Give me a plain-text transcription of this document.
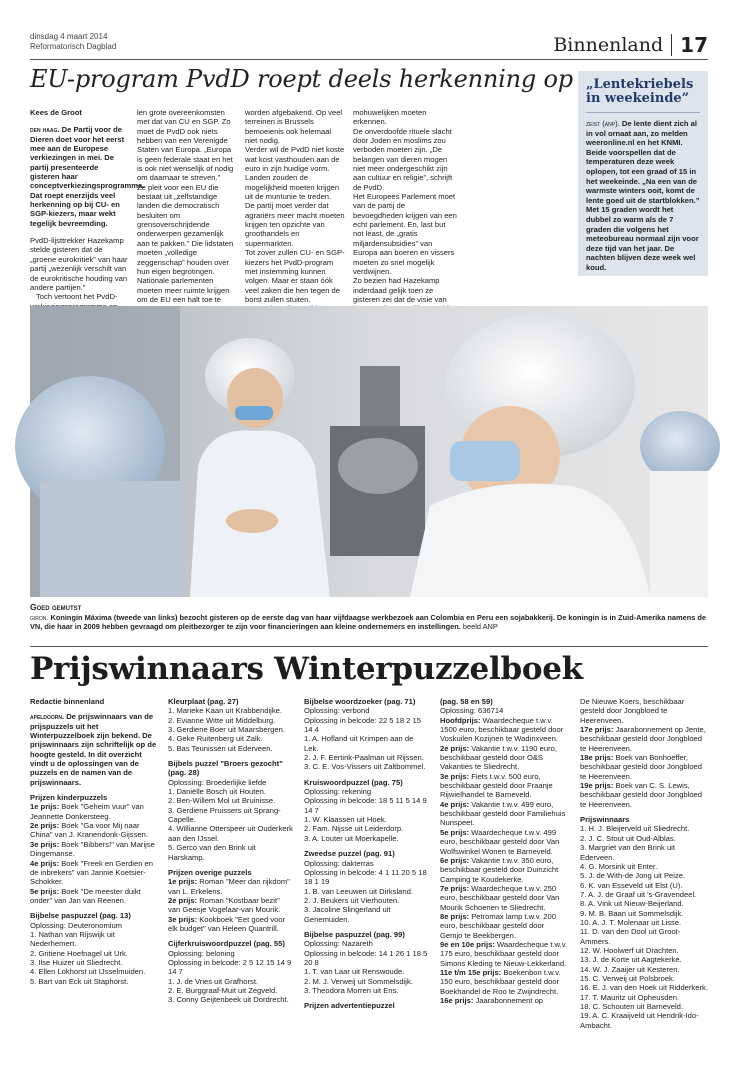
dinsdag 4 maart 2014
Reformatorisch Dagblad	Binnenland 17
EU-program PvdD roept deels herkenning op

Kees de Groot

den haag. De Partij voor de Dieren doet voor het eerst mee aan de Europese verkiezingen in mei. De partij presenteerde gisteren haar conceptverkiezingsprogramma. Dat roept enerzijds veel herkenning op bij CU- en SGP-kiezers, maar wekt tegelijk bevreemding.

PvdD-lijsttrekker Hazekamp stelde gisteren dat de „groene eurokritiek” van haar partij „wezenlijk verschilt van de eurokritische houding van andere partijen.”

Toch vertoont het PvdD-

len grote overeenkomsten met dat van CU en SGP. Zo moet de PvdD ook niets hebben van een Verenigde Staten van Europa. „Europa is geen federale staat en het is ook niet wenselijk of nodig om daarnaar te streven.”
Ze pleit voor een EU die bestaat uit „zelfstandige landen die democratisch besluiten om grensoverschrijdende onderwerpen gezamenlijk aan te pakken.” Die lidstaten moeten „volledige zeggenschap” houden over hun eigen begrotingen. Nationale parlementen moeten meer ruimte krijgen om de EU een halt toe te

worden afgebakend. Op veel terreinen is Brussels bemoeienis ook helemaal niet nodig.
Verder wil de PvdD niet koste wat kost vasthouden aan de euro in zijn huidige vorm. Landen zouden de mogelijkheid moeten krijgen uit de muntunie te treden.
De partij moet verder dat agrariërs meer macht moeten krijgen ten opzichte van groothandels en supermarkten.
Tot zover zullen CU- en SGP-kiezers het PvdD-program met instemming kunnen volgen. Maar er staan óók veel zaken die hen tegen de borst zullen stuiten.

mohuwelijken moeten erkennen.
De onverdoofde rituele slacht door Joden en moslims zou verboden moeten zijn. „De belangen van dieren mogen niet meer ondergeschikt zijn aan cultuur en religie”, schrijft de PvdD.
Het Europees Parlement moet van de partij de bevoegdheden krijgen van een echt parlement. En, last but not least, de „gratis miljardensubsidies” van Europa aan boeren en vissers moeten zo snel mogelijk verdwijnen.
Zo bezien had Hazekamp inderdaad gelijk toen ze gisteren zei dat de visie van
„Lentekriebels in weekeinde”
zeist (anp). De lente dient zich al in vol ornaat aan, zo melden weeronline.nl en het KNMI. Beide voorspellen dat de temperaturen deze week oplopen, tot een graad of 15 in het weekeinde. „Na een van de warmste winters ooit, komt de lente goed uit de startblokken.”
Met 15 graden wordt het dubbel zo warm als de 7 graden die volgens het meteobureau normaal zijn voor deze tijd van het jaar. De nachten blijven deze week wel koud.
Goed gemutst
giron. Koningin Máxima (tweede van links) bezocht gisteren op de eerste dag van haar vijfdaagse werkbezoek aan Colombia en Peru een sojabakkerij. De koningin is in Zuid-Amerika namens de VN, die haar in 2009 hebben gevraagd om pleitbezorger te zijn voor financieringen aan kleine ondernemers en instellingen. beeld ANP
Prijswinnaars Winterpuzzelboek

Redactie binnenland

apeldoorn. De prijswinnaars van de prijspuzzels uit het Winterpuzzelboek zijn bekend. De prijswinnaars zijn schriftelijk op de hoogte gesteld. In dit overzicht vindt u de oplossingen van de puzzels en de namen van de prijswinnaars.

Prijzen kinderpuzzels

1e prijs: Boek "Geheim vuur" van Jeannette Donkersteeg.

2e prijs: Boek "Ga voor Mij naar China" van J. Kranendonk-Gijssen.

3e prijs: Boek "Bibbers!" van Marijse Dingemanse.

4e prijs: Boek "Freek en Gerdien en de inbrekers" van Jannie Koetsier-Schokker.

5e prijs: Boek "De meester duikt onder" van Jan van Reenen.

Bijbelse paspuzzel (pag. 13)

Oplossing: Deuteronomium

1. Nathan van Rijswijk uit Nederhemert.

2. Gritiene Hoefnagel uit Urk.

3. Ilse Huizer uit Sliedrecht.

4. Ellen Lokhorst uit IJsselmuiden.

5. Bart van Eck uit Staphorst.

Kleurplaat (pag. 27)

1. Marieke Kaan uit Krabbendijke.

2. Evianne Witte uit Middelburg.

3. Gerdiene Boer uit Maarsbergen.

4. Geke Ruitenberg uit Zalk.

5. Bas Teunissen uit Ederveen.

Bijbels puzzel "Broers gezocht" (pag. 28)

Oplossing: Broederlijke liefde

1. Daniëlle Bosch uit Houten.

2. Ben-Willem Mol uit Bruinisse.

3. Gerdiene Pruissers uit Sprang-Capelle.

4. Willianne Otterspeer uit Ouderkerk aan den IJssel.

5. Gerco van den Brink uit Harskamp.

Prijzen overige puzzels

1e prijs: Roman "Meer dan rijkdom" van L. Erkelens.

2e prijs: Roman "Kostbaar bezit" van Geesje Vogelaar-van Mourik.

3e prijs: Kookboek "Eet goed voor elk budget" van Heleen Quantrill.

Cijferkruiswoordpuzzel (pag. 55)

Oplossing: beloning

Oplossing in belcode: 2 5 12 15 14 9 14 7

1. J. de Vries uit Grafhorst.

2. E. Burggraaf-Muit uit Zegveld.

3. Conny Geijtenbeek uit Dordrecht.

Bijbelse woordzoeker (pag. 71)

Oplossing: verbond

Oplossing in belcode: 22 5 18 2 15 14 4

1. A. Hofland uit Krimpen aan de Lek.

2. J. F. Eertink-Paalman uit Rijssen.

3. C. E. Vos-Vissers uit Zaltbommel.

Kruiswoordpuzzel (pag. 75)

Oplossing: rekening

Oplossing in belcode: 18 5 11 5 14 9 14 7

1. W. Klaassen uit Hoek.

2. Fam. Nijsse uit Leiderdorp.

3. A. Louter uit Moerkapelle.

Zweedse puzzel (pag. 91)

Oplossing: dakterras

Oplossing in belcode: 4 1 11 20 5 18 18 1 19

1. B. van Leeuwen uit Dirksland.

2. J. Beukers uit Vierhouten.

3. Jacoline Slingerland uit Genemuiden.

Bijbelse paspuzzel (pag. 99)

Oplossing: Nazareth

Oplossing in belcode: 14 1 26 1 18 5 20 8

1. T. van Laar uit Renswoude.

2. M. J. Verweij uit Sommelsdijk.

3. Theodora Morren uit Ens.

Prijzen advertentiepuzzel

(pag. 58 en 59)

Oplossing: 636714

Hoofdprijs: Waardecheque t.w.v. 1500 euro, beschikbaar gesteld door Voskuilen Kozijnen te Wadinxveen.

2e prijs: Vakantie t.w.v. 1190 euro, beschikbaar gesteld door O&S Vakanties te Sliedrecht.

3e prijs: Fiets t.w.v. 500 euro, beschikbaar gesteld door Fraanje Rijwielhandel te Barneveld.

4e prijs: Vakantie t.w.v. 499 euro, beschikbaar gesteld door Familiehuis Nunspeet.

5e prijs: Waardecheque t.w.v. 499 euro, beschikbaar gesteld door Van Wolfswinkel Wonen te Barneveld.

6e prijs: Vakantie t.w.v. 350 euro, beschikbaar gesteld door Duinzicht Camping te Koudekerke.

7e prijs: Waardecheque t.w.v. 250 euro, beschikbaar gesteld door Van Mourik Schoenen te Sliedrecht.

8e prijs: Petromax lamp t.w.v. 200 euro, beschikbaar gesteld door Gemjo te Beekbergen.

9e en 10e prijs: Waardecheque t.w.v. 175 euro, beschikbaar gesteld door Simons Kleding te Nieuw-Lekkerland.

11e t/m 15e prijs: Boekenbon t.w.v. 150 euro, beschikbaar gesteld door Boekhandel de Roo te Zwijndrecht.

16e prijs: Jaarabonnement op

De Nieuwe Koers, beschikbaar gesteld door Jongbloed te Heerenveen.

17e prijs: Jaarabonnement op Jente, beschikbaar gesteld door Jongbloed te Heerenveen.

18e prijs: Boek van Bonhoeffer, beschikbaar gesteld door Jongbloed te Heerenveen.

19e prijs: Boek van C. S. Lewis, beschikbaar gesteld door Jongbloed te Heerenveen.

Prijswinnaars

1. H. J. Bleijerveld uit Sliedrecht.

2. J. C. Stout uit Oud-Alblas.

3. Margriet van den Brink uit Ederveen.

4. G. Morsink uit Enter.

5. J. de With-de Jong uit Peize.

6. K. van Esseveld uit Elst (U).

7. A. J. de Graaf uit 's-Gravendeel.

8. A. Vink uit Nieuw-Beijerland.

9. M. B. Baan uit Sommelsdijk.

10. A. J. T. Molenaar uit Lisse.

11. D. van den Dool uit Groot-Ammers.

12. W. Hoolwerf uit Drachten.

13. J. de Korte uit Aagtekerke.

14. W. J. Zaaijer uit Kesteren.

15. C. Verweij uit Polsbroek.

16. E. J. van den Hoek uit Ridderkerk.

17. T. Mauritz uit Opheusden.

18. C. Schouten uit Barneveld.

19. A. C. Kraaijveld uit Hendrik-Ido-Ambacht.
